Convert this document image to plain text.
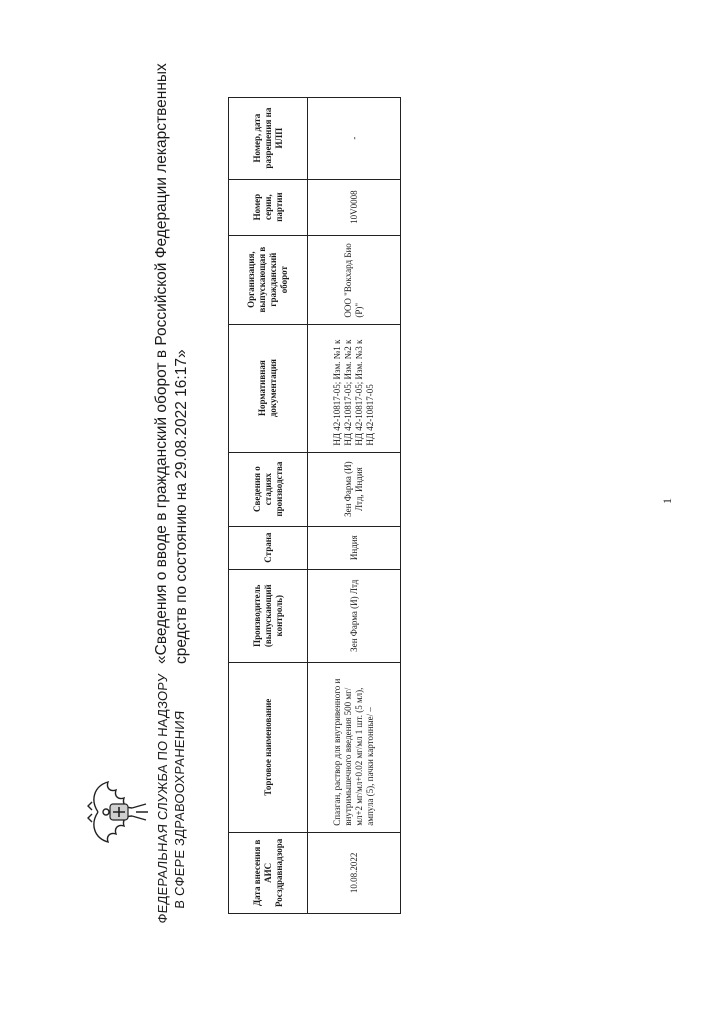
ФЕДЕРАЛЬНАЯ СЛУЖБА ПО НАДЗОРУ В СФЕРЕ ЗДРАВООХРАНЕНИЯ
«Сведения о вводе в гражданский оборот в Российской Федерации лекарственных средств по состоянию на 29.08.2022 16:17»
Дата внесения в АИС Росздравнадзора	Торговое наименование	Производитель (выпускающий контроль)	Страна	Сведения о стадиях производства	Нормативная документация	Организация, выпускающая в гражданский оборот	Номер серии, партии	Номер, дата разрешения на ИЛП
10.08.2022	Спазган, раствор для внутривенного и внутримышечного введения 500 мг/мл+2 мг/мл+0.02 мг/мл 1 шт. (5 мл), ампула (5), пачки картонные/ –	Зен Фарма (И) Лтд	Индия	Зен Фарма (И) Лтд, Индия	НД 42-10817-05; Изм. №1 к НД 42-10817-05; Изм. №2 к НД 42-10817-05; Изм. №3 к НД 42-10817-05	ООО "Вокхард Био (Р)"	10V0008	-
1
